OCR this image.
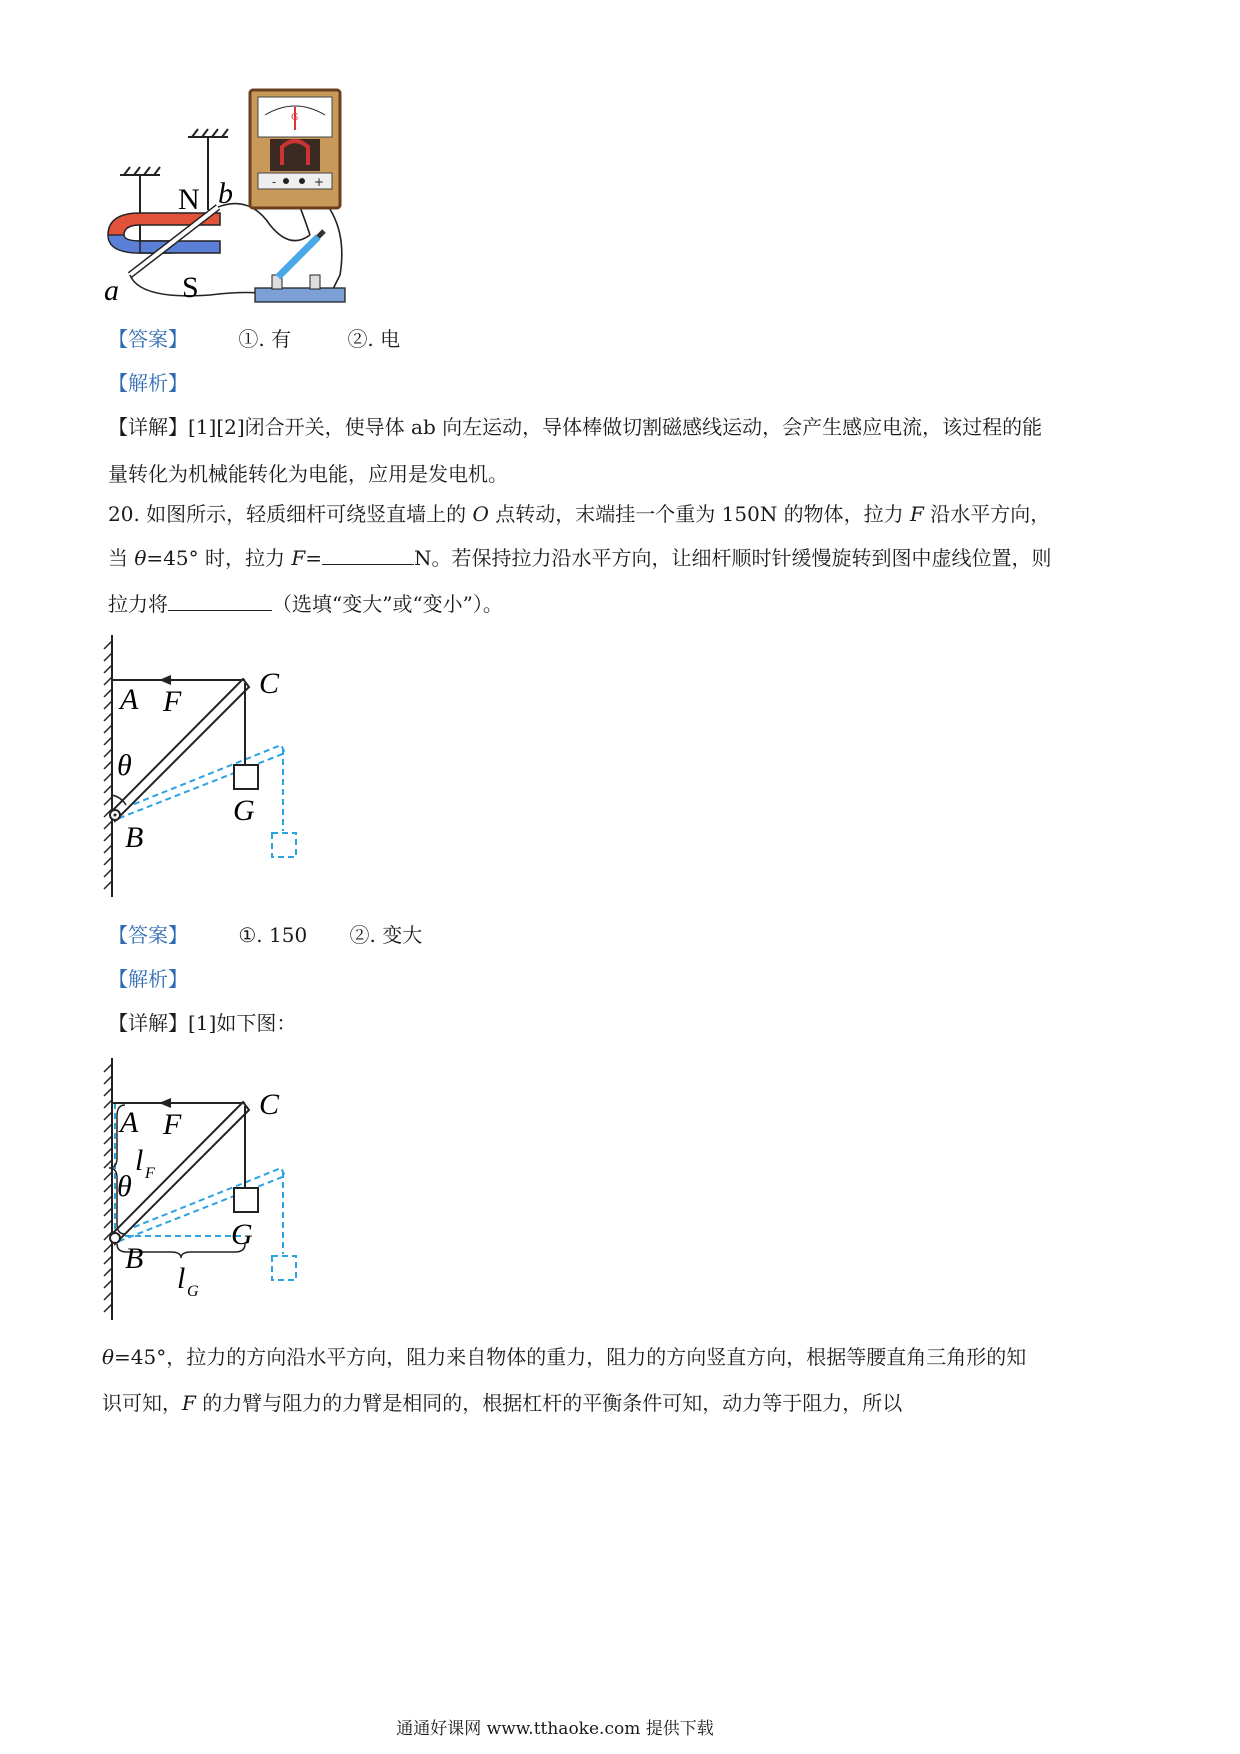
-	+
G
N b
a S
【答案】	①. 有	②. 电
【解析】
【详解】[1][2]闭合开关，使导体 ab 向左运动，导体棒做切割磁感线运动，会产生感应电流，该过程的能
量转化为机械能转化为电能，应用是发电机。
20. 如图所示，轻质细杆可绕竖直墙上的 O 点转动，末端挂一个重为 150N 的物体，拉力 F 沿水平方向，
当 θ=45° 时，拉力 F=	N。若保持拉力沿水平方向，让细杆顺时针缓慢旋转到图中虚线位置，则
拉力将	（选填“变大”或“变小”）。
A	C
F
θ
B
G
【答案】	①. 150 ②. 变大
【解析】
【详解】[1]如下图：
A
C
F
l F
θ
B
G
l G
θ=45°，拉力的方向沿水平方向，阻力来自物体的重力，阻力的方向竖直方向，根据等腰直角三角形的知
识可知，F 的力臂与阻力的力臂是相同的，根据杠杆的平衡条件可知，动力等于阻力，所以
通通好课网 www.tthaoke.com 提供下载
